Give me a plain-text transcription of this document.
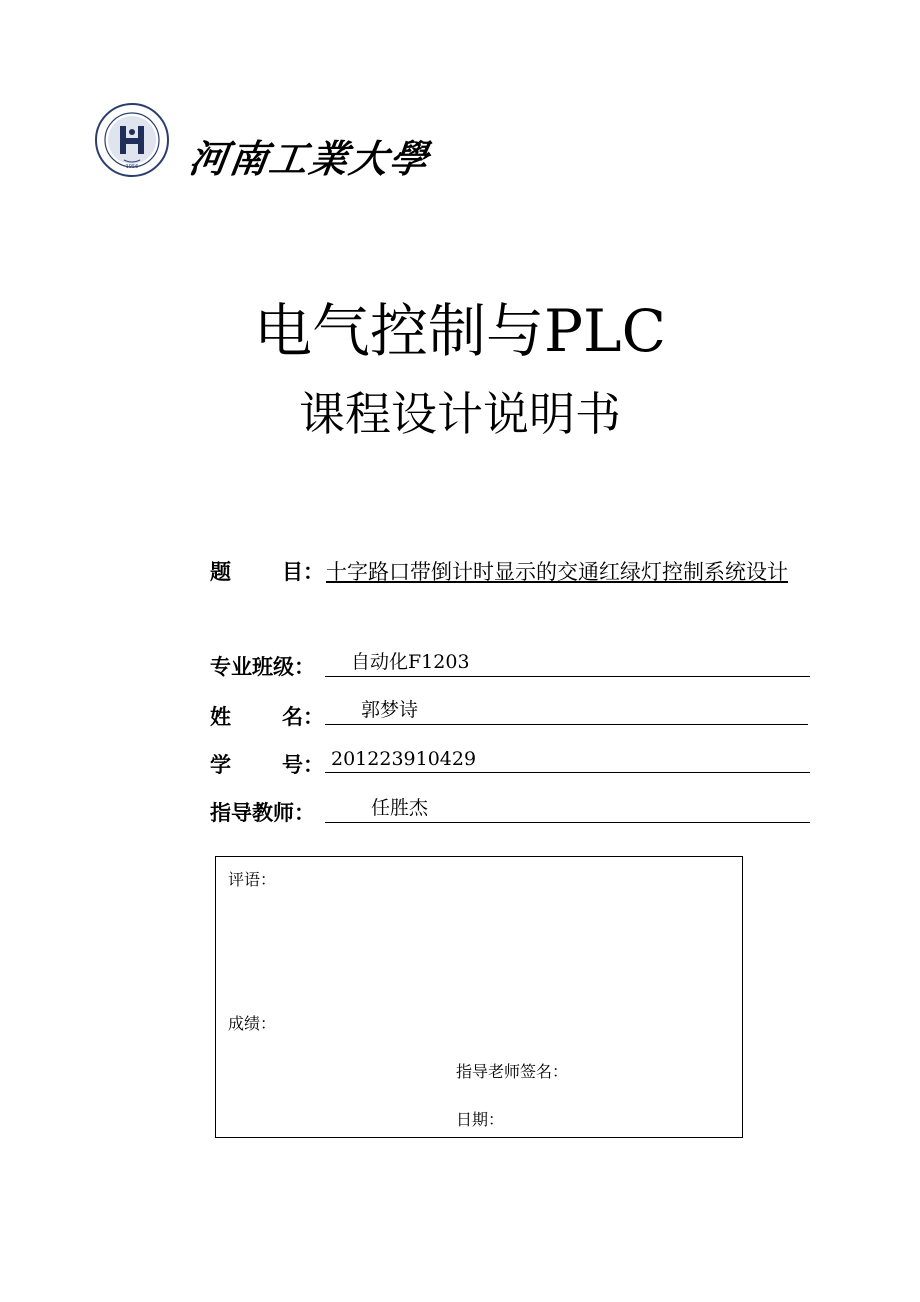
1956 河南工業大學
电气控制与PLC
课程设计说明书
题	目： 十字路口带倒计时显示的交通红绿灯控制系统设计
专业班级： 自动化F1203
姓	名： 郭梦诗
学	号： 201223910429
指导教师：	任胜杰
评语：
成绩：
指导老师签名：
日期：
